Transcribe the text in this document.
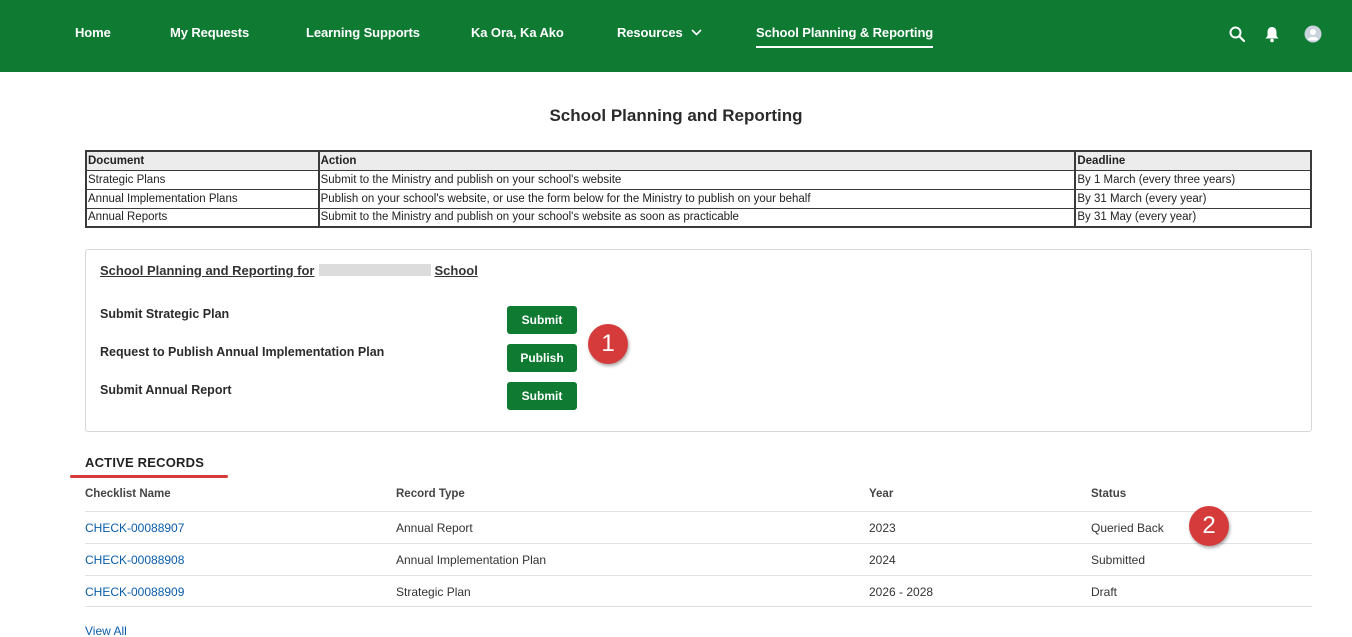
Home	My Requests	Learning Supports	Ka Ora, Ka Ako	Resources	School Planning & Reporting
School Planning and Reporting
Document	Action	Deadline
Strategic Plans	Submit to the Ministry and publish on your school's website	By 1 March (every three years)
Annual Implementation Plans	Publish on your school's website, or use the form below for the Ministry to publish on your behalf	By 31 March (every year)
Annual Reports	Submit to the Ministry and publish on your school's website as soon as practicable	By 31 May (every year)
School Planning and Reporting for	School
Submit Strategic Plan	Submit
Request to Publish Annual Implementation Plan	Publish
Submit Annual Report	Submit
1
ACTIVE RECORDS
Checklist Name	Record Type	Year	Status
CHECK-00088907	Annual Report	2023	Queried Back
CHECK-00088908	Annual Implementation Plan	2024	Submitted
CHECK-00088909	Strategic Plan	2026 - 2028	Draft
2
View All
